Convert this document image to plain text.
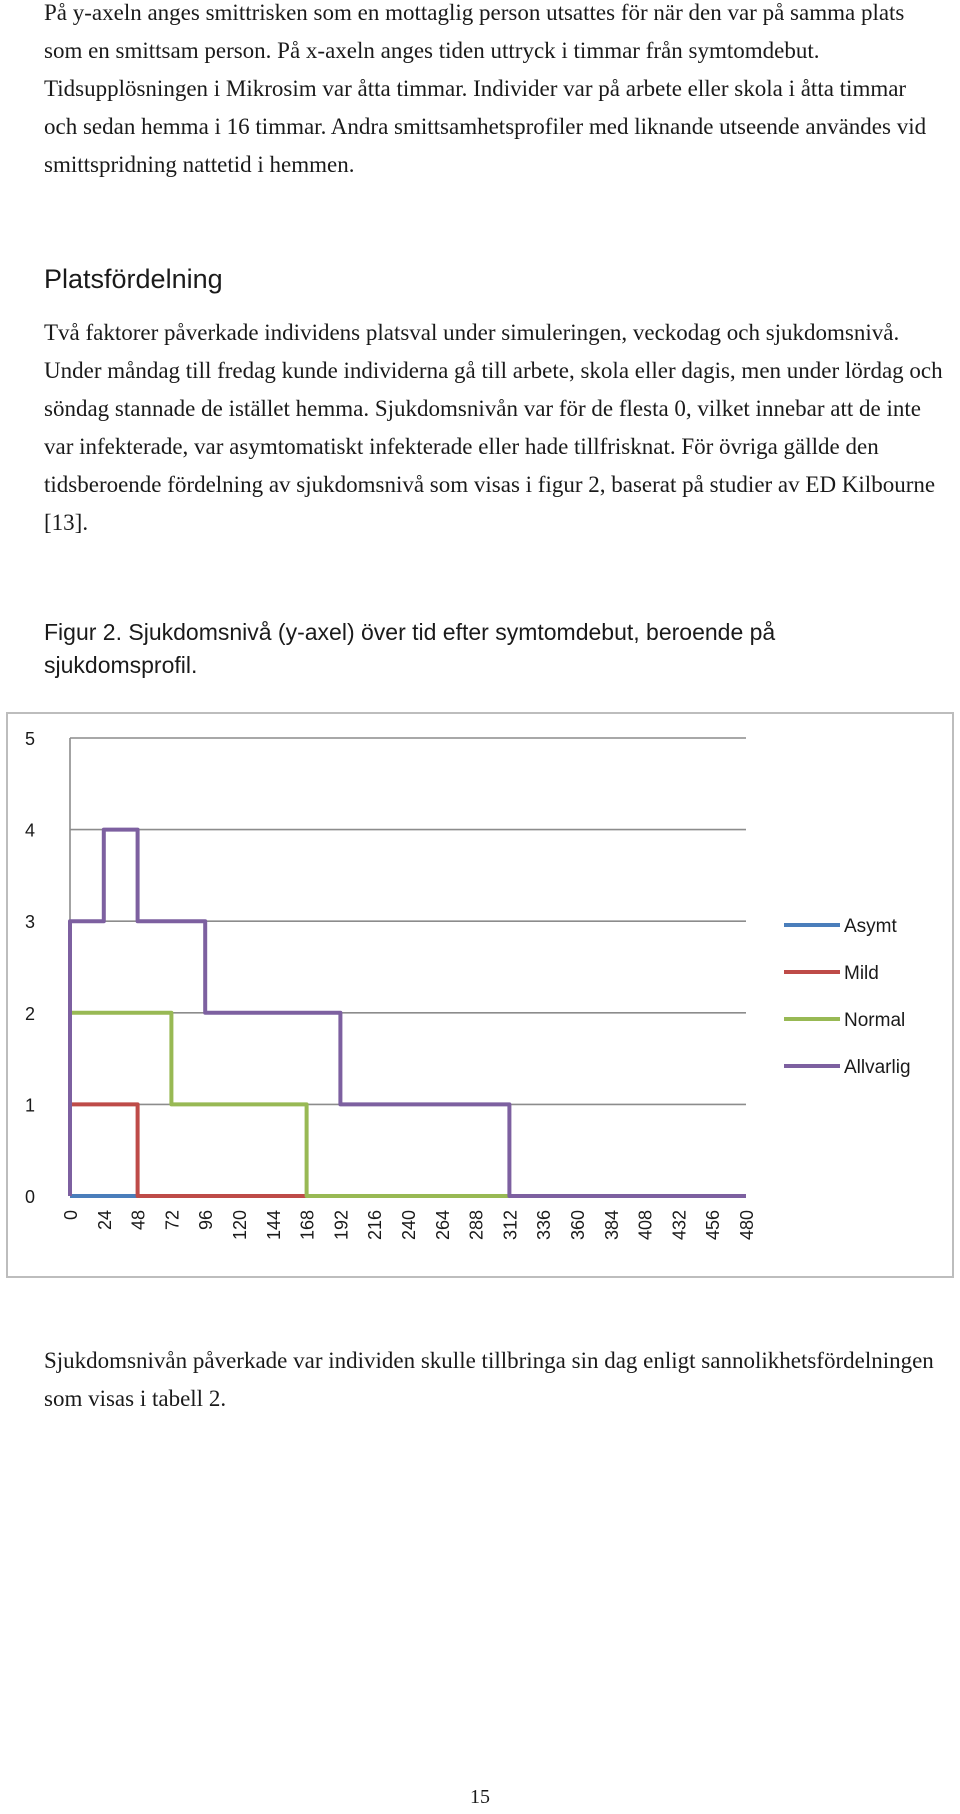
På y-axeln anges smittrisken som en mottaglig person utsattes för när den var på samma plats som en smittsam person. På x-axeln anges tiden uttryck i timmar från symtomdebut. Tidsupplösningen i Mikrosim var åtta timmar. Individer var på arbete eller skola i åtta timmar och sedan hemma i 16 timmar. Andra smittsamhetsprofiler med liknande utseende användes vid smittspridning nattetid i hemmen.

Platsfördelning

Två faktorer påverkade individens platsval under simuleringen, veckodag och sjukdomsnivå. Under måndag till fredag kunde individerna gå till arbete, skola eller dagis, men under lördag och söndag stannade de istället hemma. Sjukdomsnivån var för de flesta 0, vilket innebar att de inte var infekterade, var asymtomatiskt infekterade eller hade tillfrisknat. För övriga gällde den tidsberoende fördelning av sjukdomsnivå som visas i figur 2, baserat på studier av ED Kilbourne [13].

Figur 2. Sjukdomsnivå (y-axel) över tid efter symtomdebut, beroende på sjukdomsprofil.

0
1
2
3
4
5
0 24 48 72 96 120 144 168 192 216 240 264 288 312 336 360 384 408 432 456 480
Asymt
Mild
Normal
Allvarlig

Sjukdomsnivån påverkade var individen skulle tillbringa sin dag enligt sannolikhetsfördelningen som visas i tabell 2.

15
